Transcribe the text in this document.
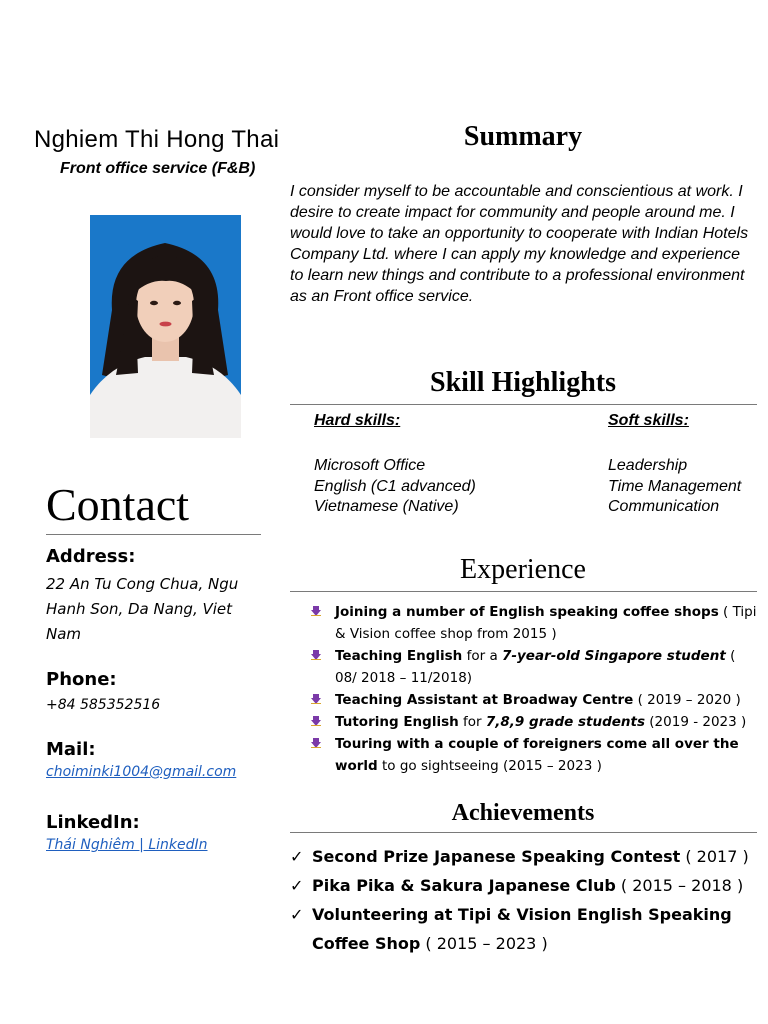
Nghiem Thi Hong Thai
Front office service (F&B)
Contact
Address:
22 An Tu Cong Chua, Ngu Hanh Son, Da Nang, Viet Nam
Phone:
+84 585352516
Mail:
choiminki1004@gmail.com
LinkedIn:
Thái Nghiêm | LinkedIn
Summary
I consider myself to be accountable and conscientious at work. I desire to create impact for community and people around me. I would love to take an opportunity to cooperate with Indian Hotels Company Ltd. where I can apply my knowledge and experience to learn new things and contribute to a professional environment as an Front office service.
Skill Highlights
Hard skills:
Microsoft Office
English (C1 advanced)
Vietnamese (Native)
Soft skills:
Leadership
Time Management
Communication
Experience
Joining a number of English speaking coffee shops ( Tipi & Vision coffee shop from 2015 )
Teaching English for a 7-year-old Singapore student ( 08/ 2018 – 11/2018)
Teaching Assistant at Broadway Centre ( 2019 – 2020 )
Tutoring English for 7,8,9 grade students (2019 - 2023 )
Touring with a couple of foreigners come all over the world to go sightseeing (2015 – 2023 )
Achievements
✓ Second Prize Japanese Speaking Contest ( 2017 )
✓ Pika Pika & Sakura Japanese Club ( 2015 – 2018 )
✓ Volunteering at Tipi & Vision English Speaking Coffee Shop ( 2015 – 2023 )
